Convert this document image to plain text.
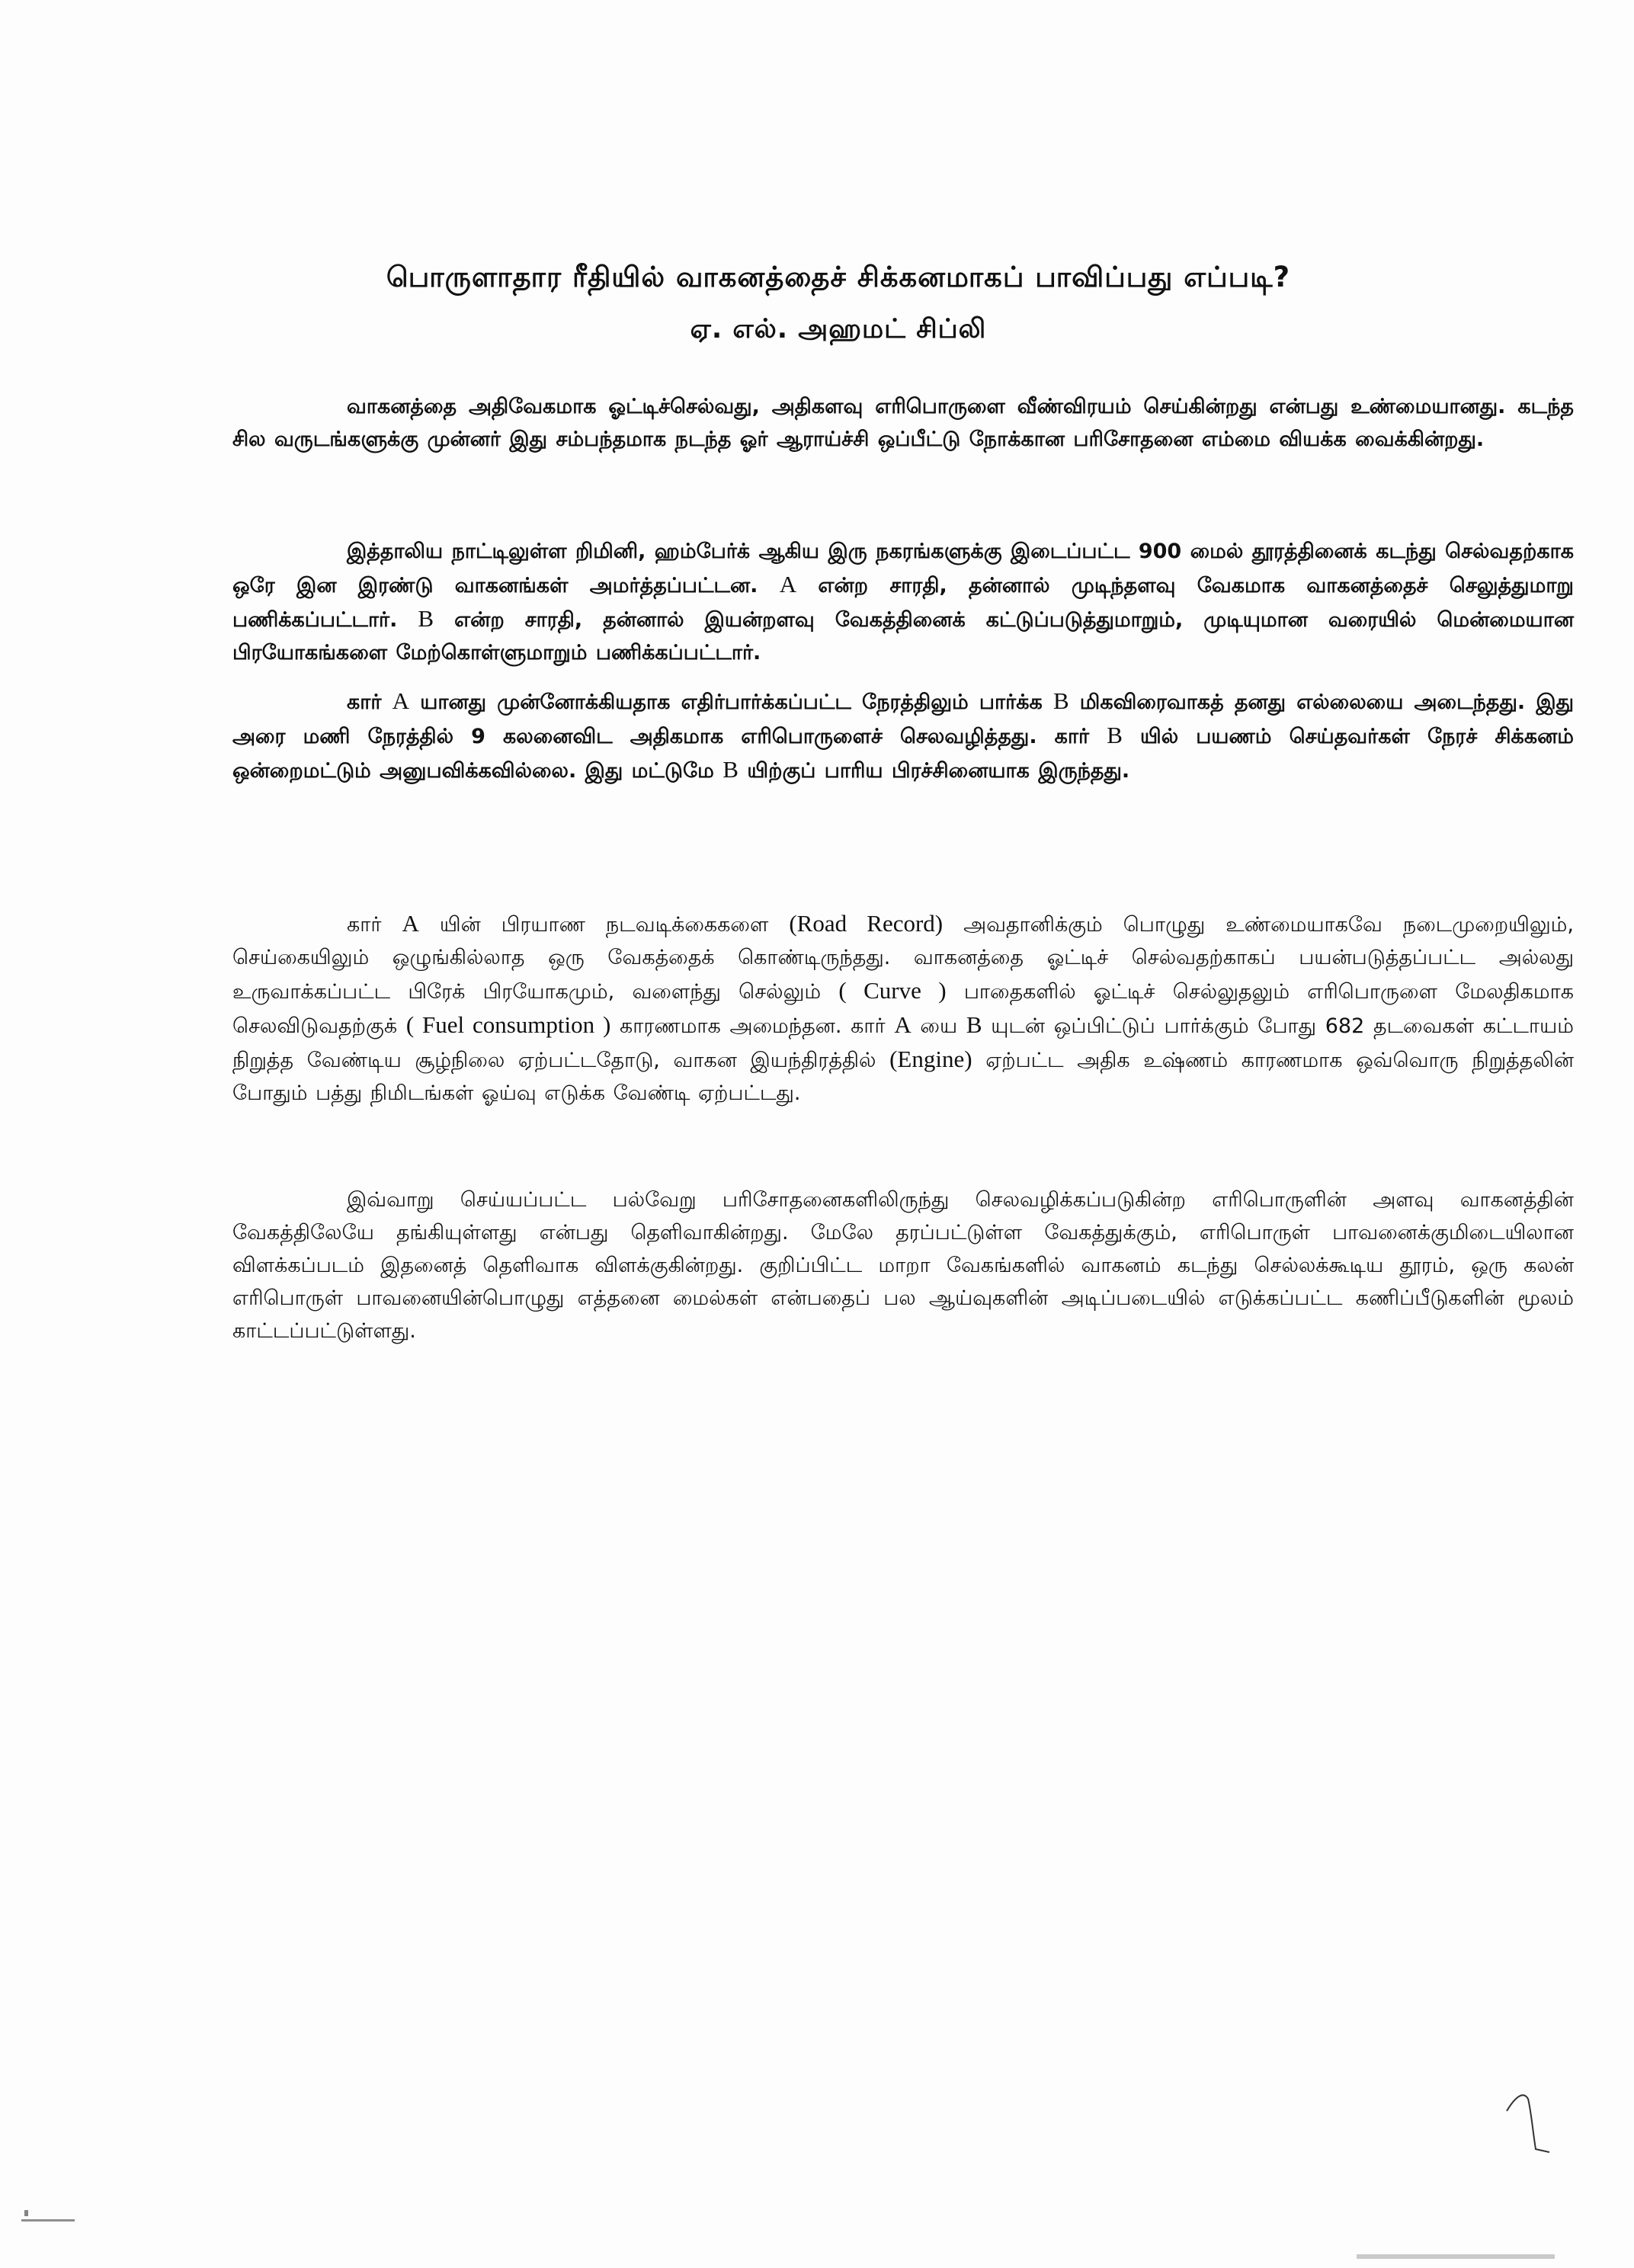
பொருளாதார ரீதியில் வாகனத்தைச் சிக்கனமாகப் பாவிப்பது எப்படி?
ஏ. எல். அஹமட் சிப்லி

வாகனத்தை அதிவேகமாக ஓட்டிச்செல்வது, அதிகளவு எரிபொருளை வீண்விரயம் செய்கின்றது என்பது உண்மையானது. கடந்த சில வருடங்களுக்கு முன்னர் இது சம்பந்தமாக நடந்த ஓர் ஆராய்ச்சி ஒப்பீட்டு நோக்கான பரிசோதனை எம்மை வியக்க வைக்கின்றது.

இத்தாலிய நாட்டிலுள்ள றிமினி, ஹம்பேர்க் ஆகிய இரு நகரங்களுக்கு இடைப்பட்ட 900 மைல் தூரத்தினைக் கடந்து செல்வதற்காக ஒரே இன இரண்டு வாகனங்கள் அமர்த்தப்பட்டன. A என்ற சாரதி, தன்னால் முடிந்தளவு வேகமாக வாகனத்தைச் செலுத்துமாறு பணிக்கப்பட்டார். B என்ற சாரதி, தன்னால் இயன்றளவு வேகத்தினைக் கட்டுப்படுத்துமாறும், முடியுமான வரையில் மென்மையான பிரயோகங்களை மேற்கொள்ளுமாறும் பணிக்கப்பட்டார்.

கார் A யானது முன்னோக்கியதாக எதிர்பார்க்கப்பட்ட நேரத்திலும் பார்க்க B மிகவிரைவாகத் தனது எல்லையை அடைந்தது. இது அரை மணி நேரத்தில் 9 கலனைவிட அதிகமாக எரிபொருளைச் செலவழித்தது. கார் B யில் பயணம் செய்தவர்கள் நேரச் சிக்கனம் ஒன்றைமட்டும் அனுபவிக்கவில்லை. இது மட்டுமே B யிற்குப் பாரிய பிரச்சினையாக இருந்தது.

கார் A யின் பிரயாண நடவடிக்கைகளை (Road Record) அவதானிக்கும் பொழுது உண்மையாகவே நடைமுறையிலும், செய்கையிலும் ஒழுங்கில்லாத ஒரு வேகத்தைக் கொண்டிருந்தது. வாகனத்தை ஓட்டிச் செல்வதற்காகப் பயன்படுத்தப்பட்ட அல்லது உருவாக்கப்பட்ட பிரேக் பிரயோகமும், வளைந்து செல்லும் ( Curve ) பாதைகளில் ஓட்டிச் செல்லுதலும் எரிபொருளை மேலதிகமாக செலவிடுவதற்குக் ( Fuel consumption ) காரணமாக அமைந்தன. கார் A யை B யுடன் ஒப்பிட்டுப் பார்க்கும் போது 682 தடவைகள் கட்டாயம் நிறுத்த வேண்டிய சூழ்நிலை ஏற்பட்டதோடு, வாகன இயந்திரத்தில் (Engine) ஏற்பட்ட அதிக உஷ்ணம் காரணமாக ஒவ்வொரு நிறுத்தலின் போதும் பத்து நிமிடங்கள் ஓய்வு எடுக்க வேண்டி ஏற்பட்டது.

இவ்வாறு செய்யப்பட்ட பல்வேறு பரிசோதனைகளிலிருந்து செலவழிக்கப்படுகின்ற எரிபொருளின் அளவு வாகனத்தின் வேகத்திலேயே தங்கியுள்ளது என்பது தெளிவாகின்றது. மேலே தரப்பட்டுள்ள வேகத்துக்கும், எரிபொருள் பாவனைக்குமிடையிலான விளக்கப்படம் இதனைத் தெளிவாக விளக்குகின்றது. குறிப்பிட்ட மாறா வேகங்களில் வாகனம் கடந்து செல்லக்கூடிய தூரம், ஒரு கலன் எரிபொருள் பாவனையின்பொழுது எத்தனை மைல்கள் என்பதைப் பல ஆய்வுகளின் அடிப்படையில் எடுக்கப்பட்ட கணிப்பீடுகளின் மூலம் காட்டப்பட்டுள்ளது.
